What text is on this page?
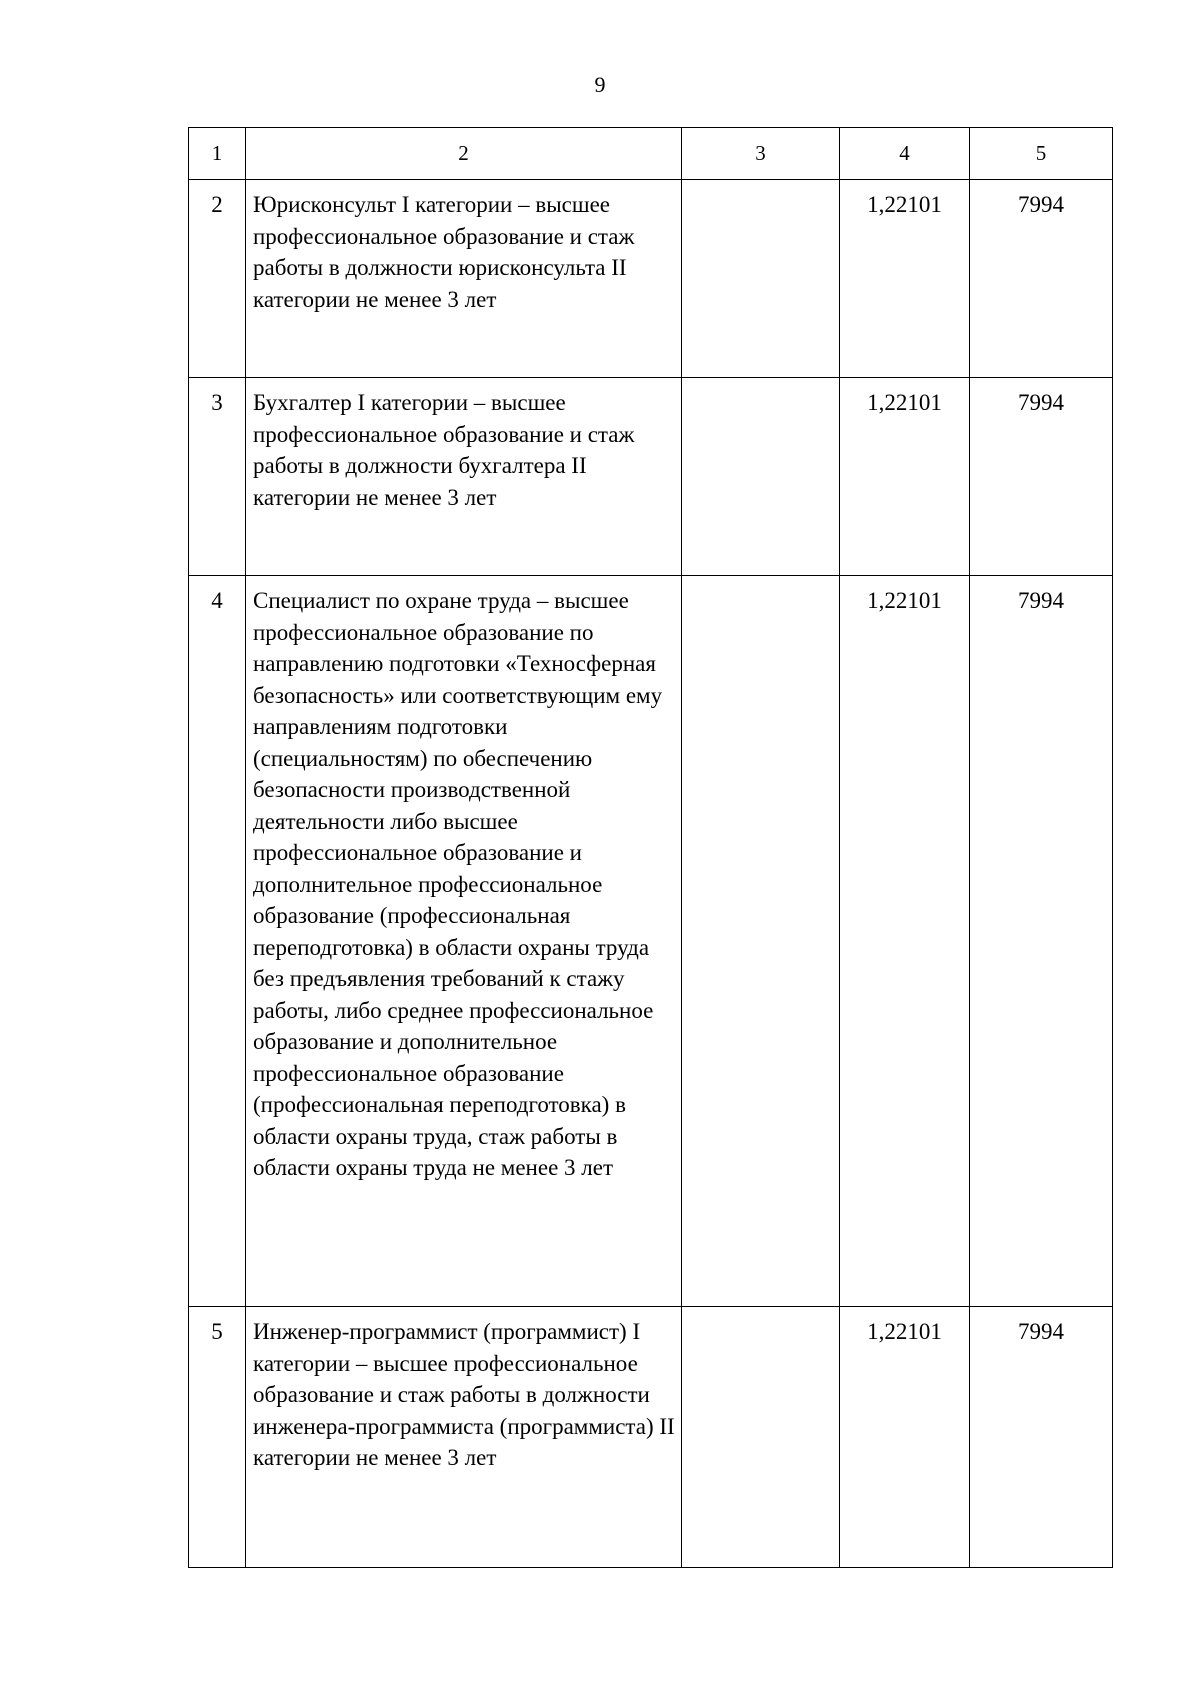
9
1	2	3	4	5
2	Юрисконсульт I категории – высшее профессиональное образование и стаж работы в должности юрисконсульта II категории не менее 3 лет		1,22101	7994
3	Бухгалтер I категории – высшее профессиональное образование и стаж работы в должности бухгалтера II категории не менее 3 лет		1,22101	7994
4	Специалист по охране труда – высшее профессиональное образование по направлению подготовки «Техносферная безопасность» или соответствующим ему направлениям подготовки (специальностям) по обеспечению безопасности производственной деятельности либо высшее профессиональное образование и дополнительное профессиональное образование (профессиональная переподготовка) в области охраны труда без предъявления требований к стажу работы, либо среднее профессиональное образование и дополнительное профессиональное образование (профессиональная переподготовка) в области охраны труда, стаж работы в области охраны труда не менее 3 лет		1,22101	7994
5	Инженер-программист (программист) I категории – высшее профессиональное образование и стаж работы в должности инженера-программиста (программиста) II категории не менее 3 лет		1,22101	7994
